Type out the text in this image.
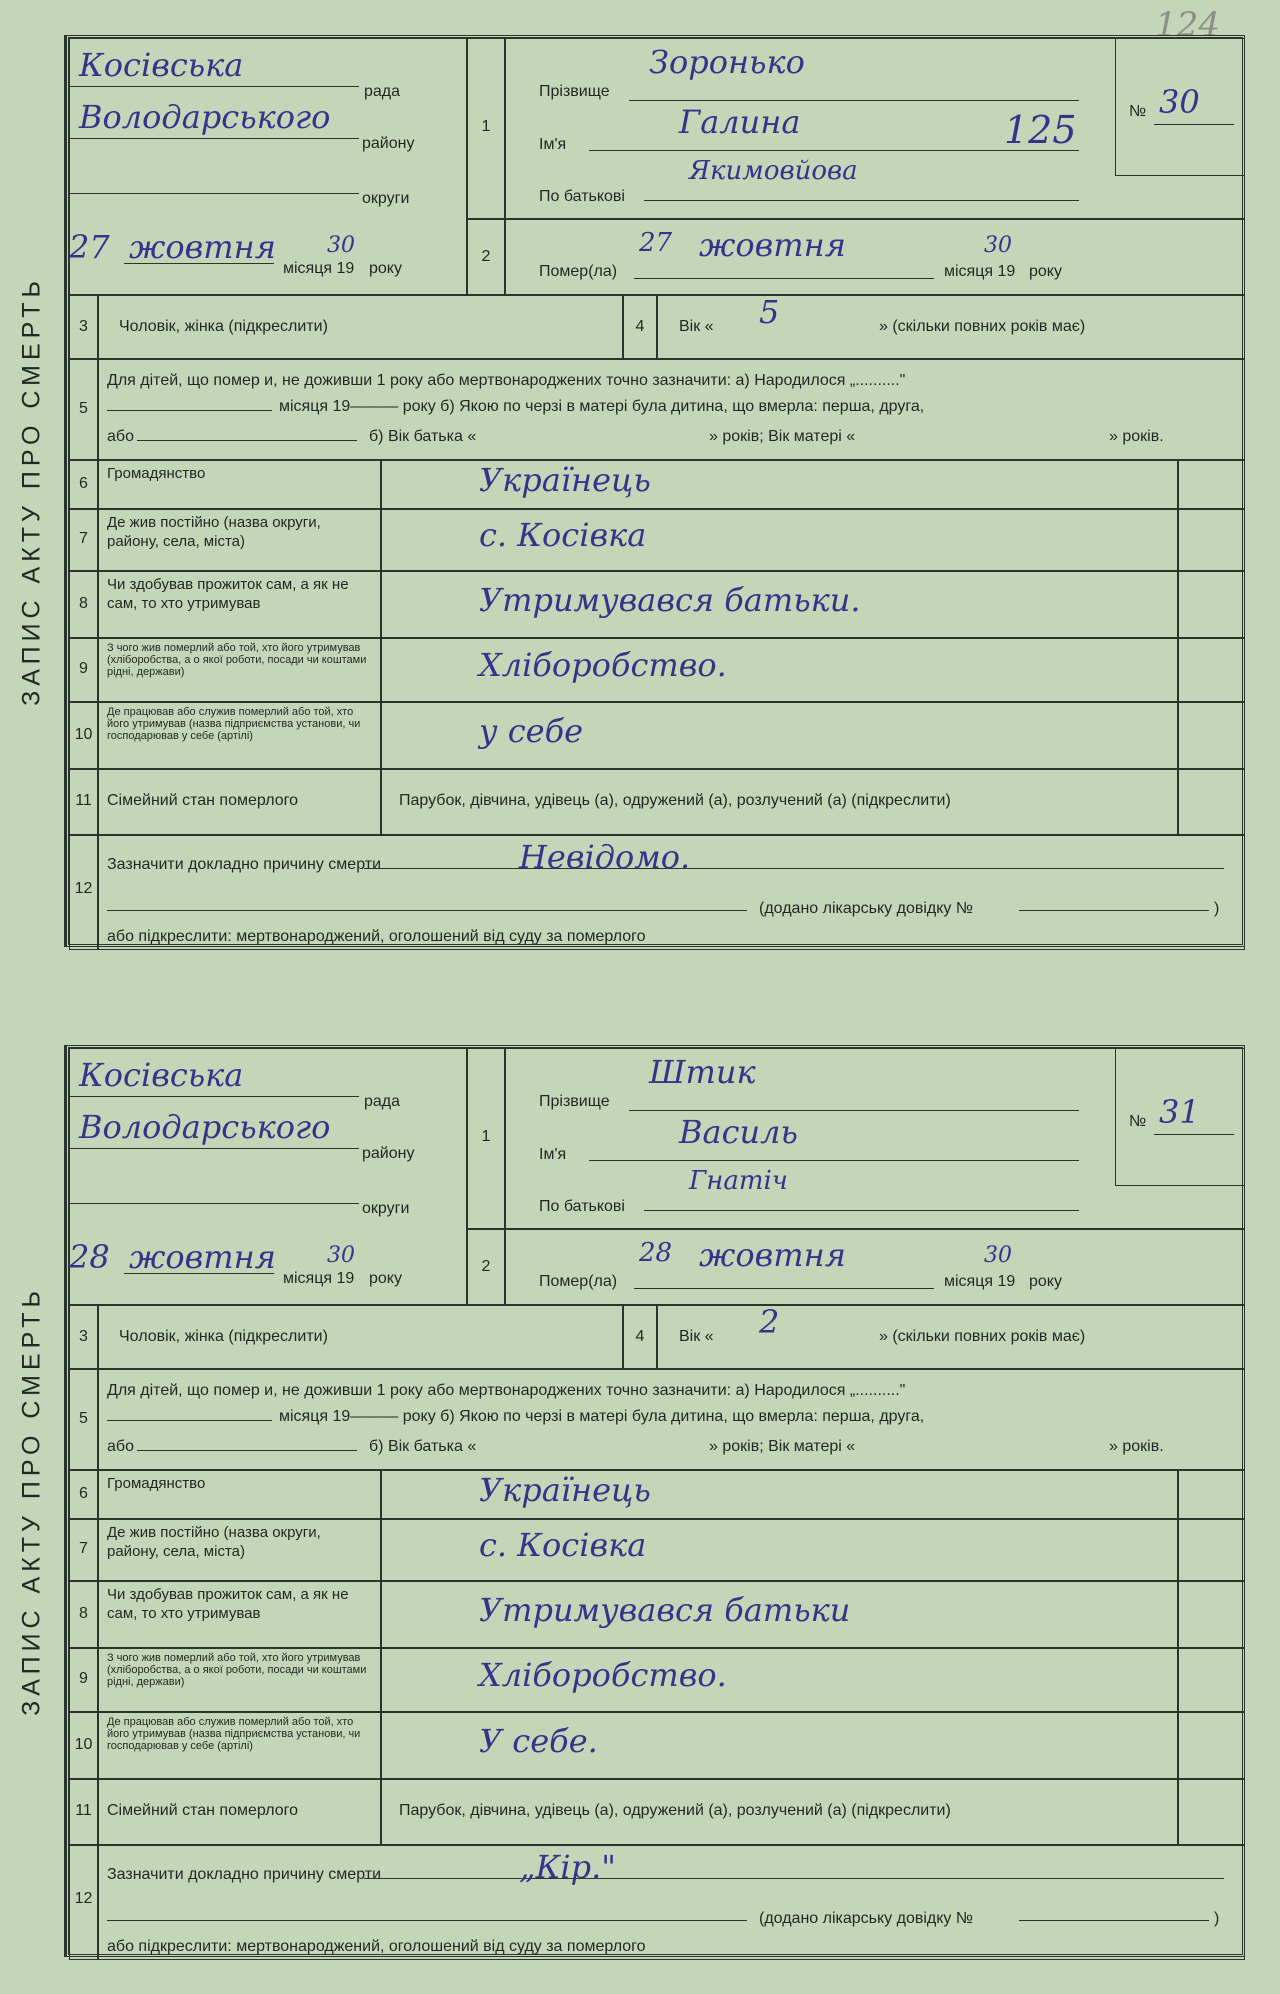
124
ЗАПИС АКТУ ПРО СМЕРТЬ
1
2
Косівська
рада
Володарського
району
округи
27 жовтня
місяця 19
30
року
Прізвище
Зоронько
Ім'я
Галина	125
По батькові
Якимовйова
№ 30
Помер(ла)
27 жовтня
місяця 19
30
року
3	4
Чоловік, жінка (підкреслити)	Вік « 5	» (скільки повних років має)
5
Для дітей, що помер и, не доживши 1 року або мертвонароджених точно зазначити: а) Народилося „.........."
місяця 19——— року б) Якою по черзі в матері була дитина, що вмерла: перша, друга,
або	б) Вік батька «	» років; Вік матері «	» років.
6
Громадянство	Українець
7
Де жив постійно (назва округи, району, села, міста)	с. Косівка
8
Чи здобував прожиток сам, а як не сам, то хто утримував	Утримувався батьки.
9
З чого жив померлий або той, хто його утримував (хліборобства, а о якої роботи, посади чи коштами рідні, держави)	Хліборобство.
10
Де працював або служив померлий або той, хто його утримував (назва підприємства установи, чи господарював у себе (артілі)	у себе
11 Сімейний стан померлого	Парубок, дівчина, удівець (а), одружений (а), розлучений (а) (підкреслити)
12
Зазначити докладно причину смерти	Невідомо.
(додано лікарську довідку №	)
або підкреслити: мертвонароджений, оголошений від суду за померлого
ЗАПИС АКТУ ПРО СМЕРТЬ
1
2
Косівська
рада
Володарського
району
округи
28 жовтня
місяця 19
30
року
Прізвище
Штик
Ім'я
Василь
По батькові
Гнатіч
№ 31
Помер(ла)
28 жовтня
місяця 19
30
року
3	4
Чоловік, жінка (підкреслити)	Вік « 2	» (скільки повних років має)
5
Для дітей, що помер и, не доживши 1 року або мертвонароджених точно зазначити: а) Народилося „.........."
місяця 19——— року б) Якою по черзі в матері була дитина, що вмерла: перша, друга,
або	б) Вік батька «	» років; Вік матері «	» років.
6
Громадянство	Українець
7
Де жив постійно (назва округи, району, села, міста)	с. Косівка
8
Чи здобував прожиток сам, а як не сам, то хто утримував	Утримувався батьки
9
З чого жив померлий або той, хто його утримував (хліборобства, а о якої роботи, посади чи коштами рідні, держави)	Хліборобство.
10
Де працював або служив померлий або той, хто його утримував (назва підприємства установи, чи господарював у себе (артілі)	У себе.
11 Сімейний стан померлого	Парубок, дівчина, удівець (а), одружений (а), розлучений (а) (підкреслити)
12
Зазначити докладно причину смерти	„Кір."
(додано лікарську довідку №	)
або підкреслити: мертвонароджений, оголошений від суду за померлого
